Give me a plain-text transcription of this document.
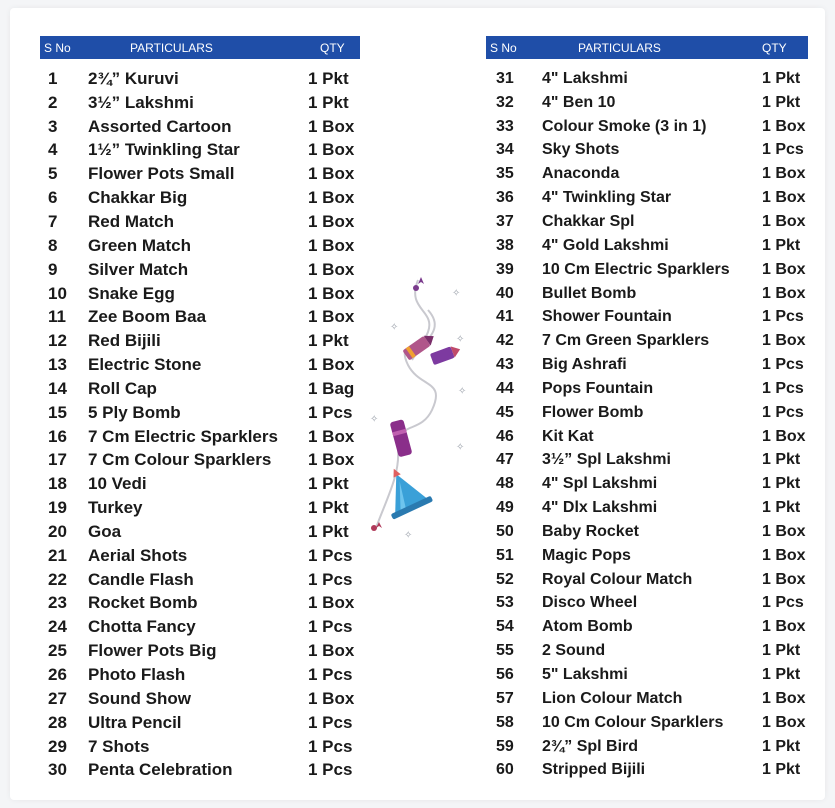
S No	PARTICULARS	QTY
1	2¾” Kuruvi	1 Pkt
2	3½” Lakshmi	1 Pkt
3	Assorted Cartoon	1 Box
4	1½” Twinkling Star	1 Box
5	Flower Pots Small	1 Box
6	Chakkar Big	1 Box
7	Red Match	1 Box
8	Green Match	1 Box
9	Silver Match	1 Box
10	Snake Egg	1 Box
11	Zee Boom Baa	1 Box
12	Red Bijili	1 Pkt
13	Electric Stone	1 Box
14	Roll Cap	1 Bag
15	5 Ply Bomb	1 Pcs
16	7 Cm Electric Sparklers	1 Box
17	7 Cm Colour Sparklers	1 Box
18	10 Vedi	1 Pkt
19	Turkey	1 Pkt
20	Goa	1 Pkt
21	Aerial Shots	1 Pcs
22	Candle Flash	1 Pcs
23	Rocket Bomb	1 Box
24	Chotta Fancy	1 Pcs
25	Flower Pots Big	1 Box
26	Photo Flash	1 Pcs
27	Sound Show	1 Box
28	Ultra Pencil	1 Pcs
29	7 Shots	1 Pcs
30	Penta Celebration	1 Pcs
✧
✧
✧
✧
✧
✧
✧
S No	PARTICULARS	QTY
31	4" Lakshmi	1 Pkt
32	4" Ben 10	1 Pkt
33	Colour Smoke (3 in 1)	1 Box
34	Sky Shots	1 Pcs
35	Anaconda	1 Box
36	4" Twinkling Star	1 Box
37	Chakkar Spl	1 Box
38	4" Gold Lakshmi	1 Pkt
39	10 Cm Electric Sparklers	1 Box
40	Bullet Bomb	1 Box
41	Shower Fountain	1 Pcs
42	7 Cm Green Sparklers	1 Box
43	Big Ashrafi	1 Pcs
44	Pops Fountain	1 Pcs
45	Flower Bomb	1 Pcs
46	Kit Kat	1 Box
47	3½” Spl Lakshmi	1 Pkt
48	4" Spl Lakshmi	1 Pkt
49	4" Dlx Lakshmi	1 Pkt
50	Baby Rocket	1 Box
51	Magic Pops	1 Box
52	Royal Colour Match	1 Box
53	Disco Wheel	1 Pcs
54	Atom Bomb	1 Box
55	2 Sound	1 Pkt
56	5" Lakshmi	1 Pkt
57	Lion Colour Match	1 Box
58	10 Cm Colour Sparklers	1 Box
59	2¾” Spl Bird	1 Pkt
60	Stripped Bijili	1 Pkt
